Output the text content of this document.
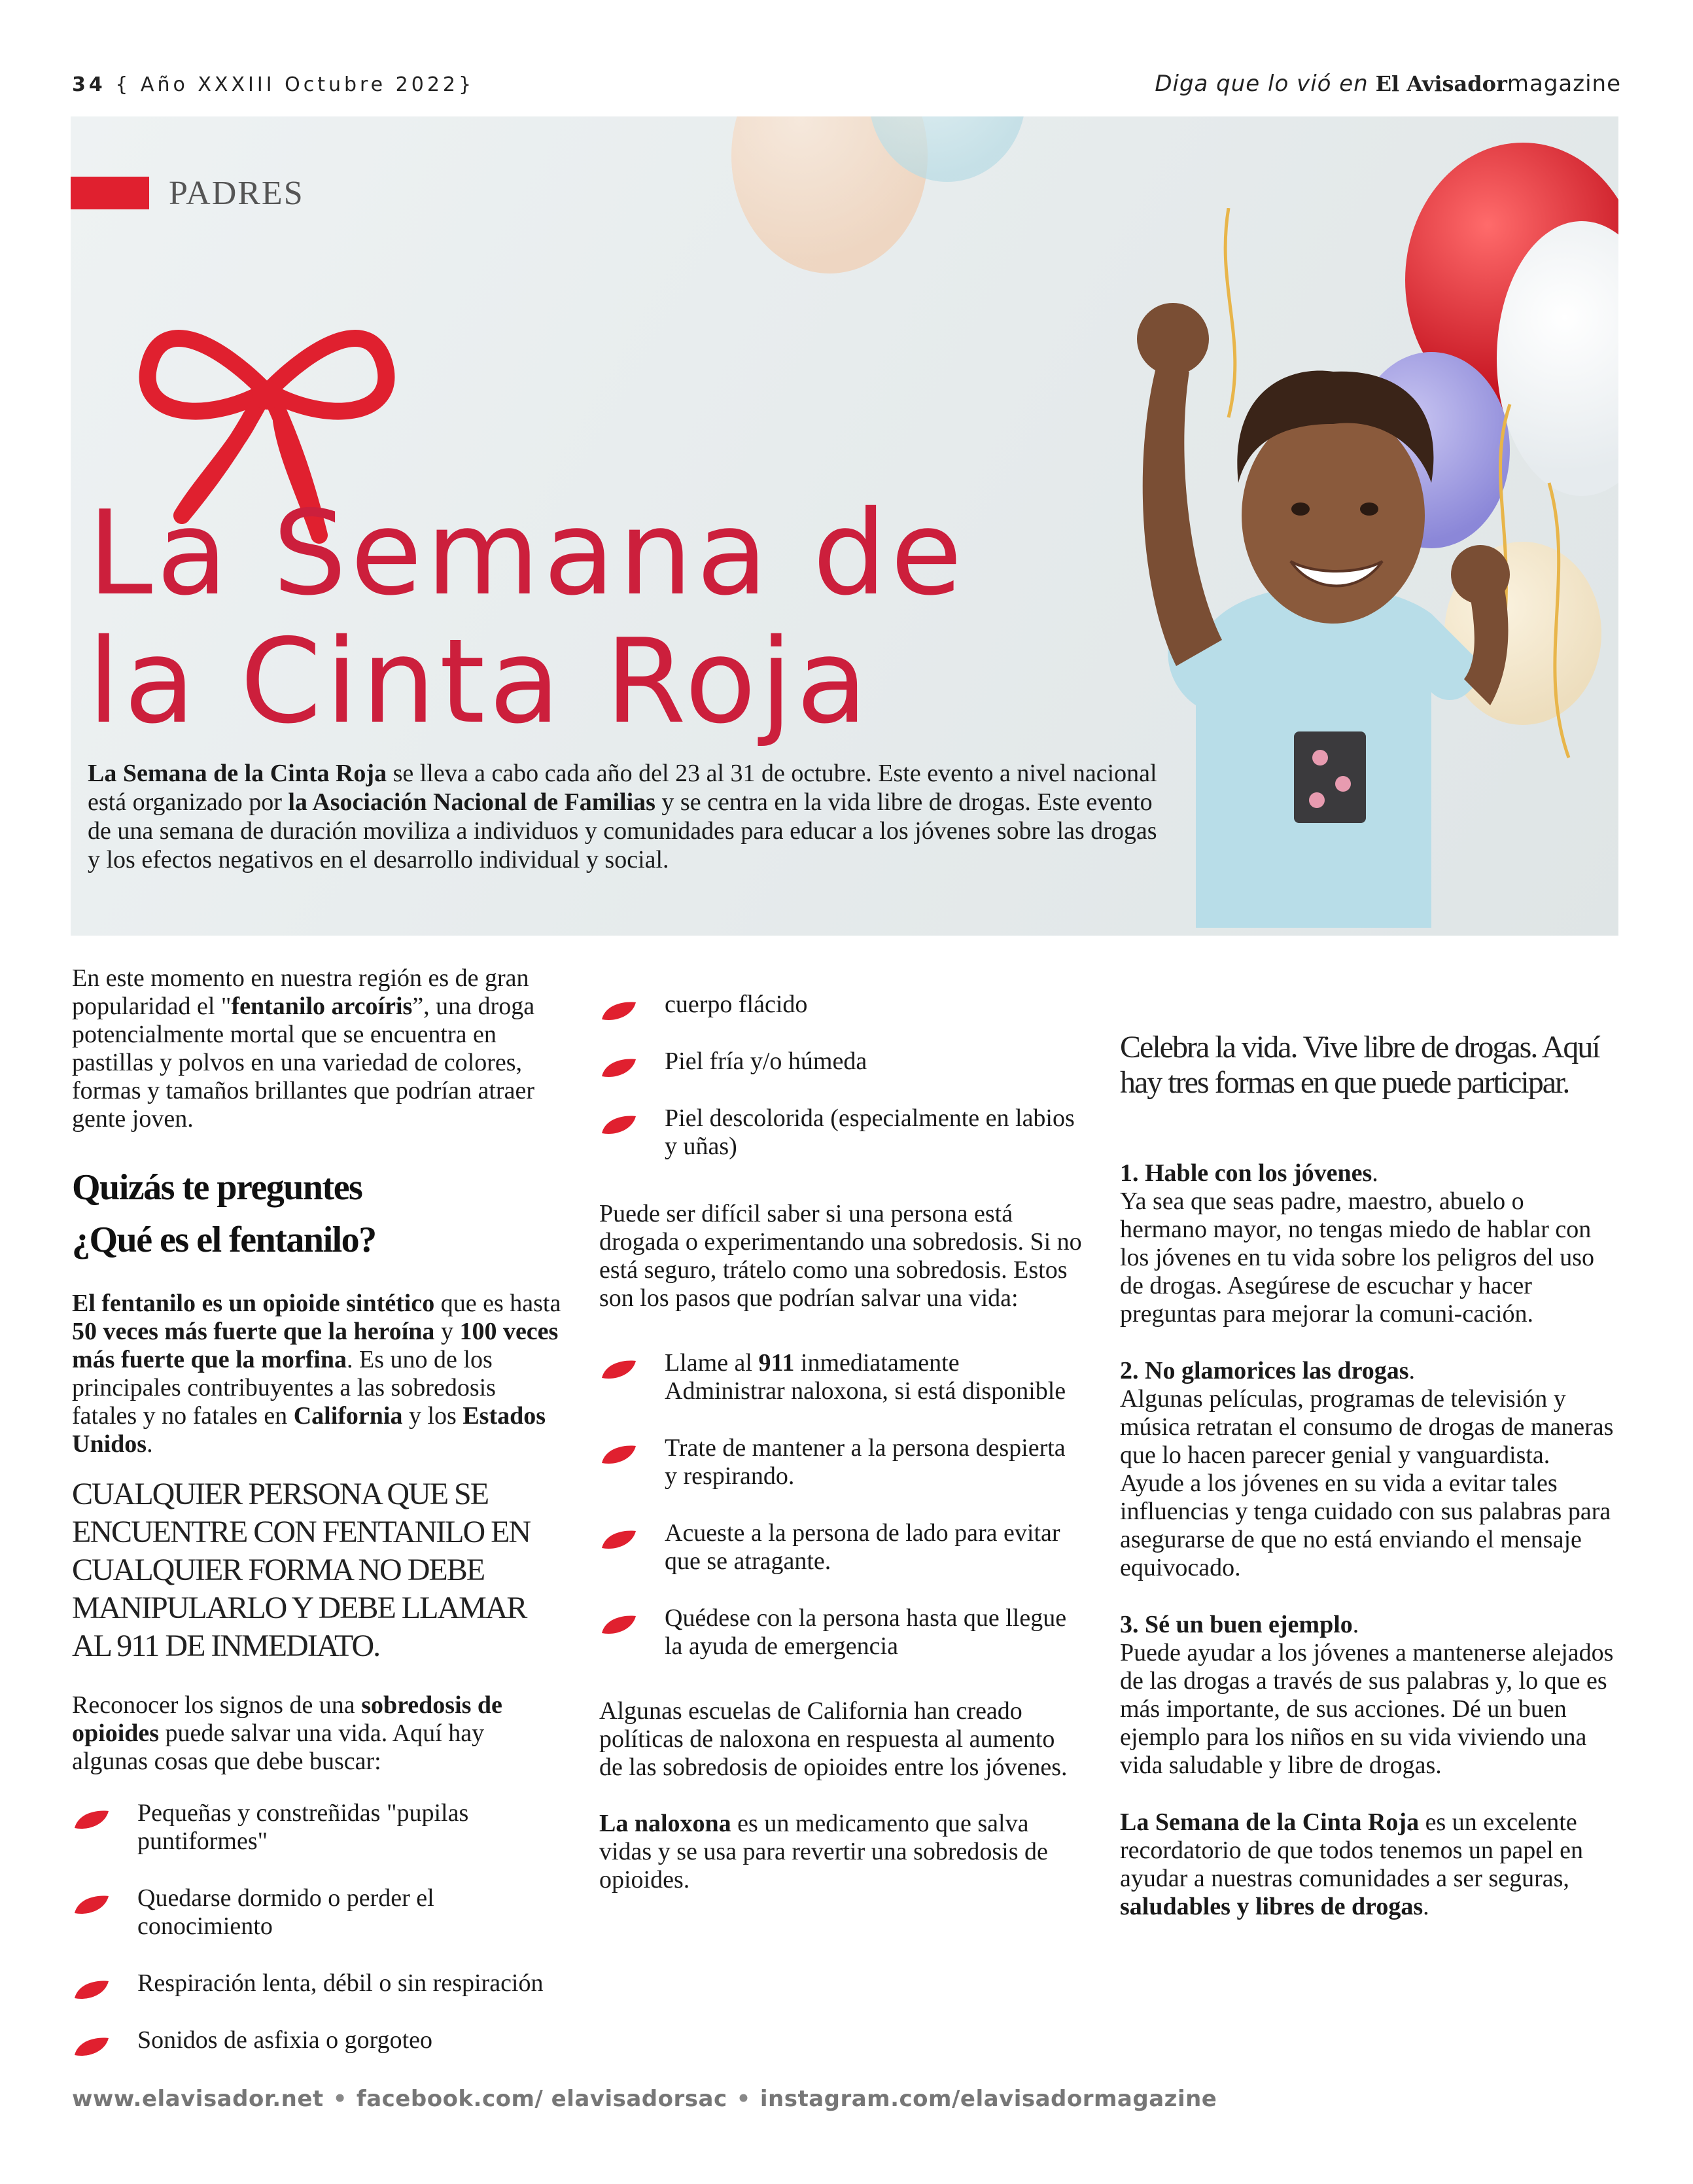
34 { Año XXXIII Octubre 2022}	Diga que lo vió en El Avisadormagazine
PADRES
La Semana de
la Cinta Roja
La Semana de la Cinta Roja se lleva a cabo cada año del 23 al 31 de octubre. Este evento a nivel nacional está organizado por la Asociación Nacional de Familias y se centra en la vida libre de drogas. Este evento de una semana de duración moviliza a individuos y comunidades para educar a los jóvenes sobre las drogas y los efectos negativos en el desarrollo individual y social.

En este momento en nuestra región es de gran popularidad el "fentanilo arcoíris”, una droga potencialmente mortal que se encuentra en pastillas y polvos en una variedad de colores, formas y tamaños brillantes que podrían atraer gente joven.

Quizás te preguntes
¿Qué es el fentanilo?

El fentanilo es un opioide sintético que es hasta 50 veces más fuerte que la heroína y 100 veces más fuerte que la morfina. Es uno de los principales contribuyentes a las sobredosis fatales y no fatales en California y los Estados Unidos.

CUALQUIER PERSONA QUE SE ENCUENTRE CON FENTANILO EN CUALQUIER FORMA NO DEBE MANIPULARLO Y DEBE LLAMAR AL 911 DE INMEDIATO.

Reconocer los signos de una sobredosis de opioides puede salvar una vida. Aquí hay algunas cosas que debe buscar:

Pequeñas y constreñidas "pupilas puntiformes"
Quedarse dormido o perder el conocimiento
Respiración lenta, débil o sin respiración
Sonidos de asfixia o gorgoteo
cuerpo flácido
Piel fría y/o húmeda
Piel descolorida (especialmente en labios y uñas)

Puede ser difícil saber si una persona está drogada o experimentando una sobredosis. Si no está seguro, trátelo como una sobredosis. Estos son los pasos que podrían salvar una vida:

Llame al 911 inmediatamente Administrar naloxona, si está disponible
Trate de mantener a la persona despierta y respirando.
Acueste a la persona de lado para evitar que se atragante.
Quédese con la persona hasta que llegue la ayuda de emergencia

Algunas escuelas de California han creado políticas de naloxona en respuesta al aumento de las sobredosis de opioides entre los jóvenes.

La naloxona es un medicamento que salva vidas y se usa para revertir una sobredosis de opioides.

Celebra la vida. Vive libre de drogas. Aquí hay tres formas en que puede participar.
1. Hable con los jóvenes.
Ya sea que seas padre, maestro, abuelo o hermano mayor, no tengas miedo de hablar con los jóvenes en tu vida sobre los peligros del uso de drogas. Asegúrese de escuchar y hacer preguntas para mejorar la comuni-cación.
2. No glamorices las drogas.
Algunas películas, programas de televisión y música retratan el consumo de drogas de maneras que lo hacen parecer genial y vanguardista. Ayude a los jóvenes en su vida a evitar tales influencias y tenga cuidado con sus palabras para asegurarse de que no está enviando el mensaje equivocado.
3. Sé un buen ejemplo.
Puede ayudar a los jóvenes a mantenerse alejados de las drogas a través de sus palabras y, lo que es más importante, de sus acciones. Dé un buen ejemplo para los niños en su vida viviendo una vida saludable y libre de drogas.

La Semana de la Cinta Roja es un excelente recordatorio de que todos tenemos un papel en ayudar a nuestras comunidades a ser seguras, saludables y libres de drogas.

www.elavisador.net • facebook.com/ elavisadorsac • instagram.com/elavisadormagazine
